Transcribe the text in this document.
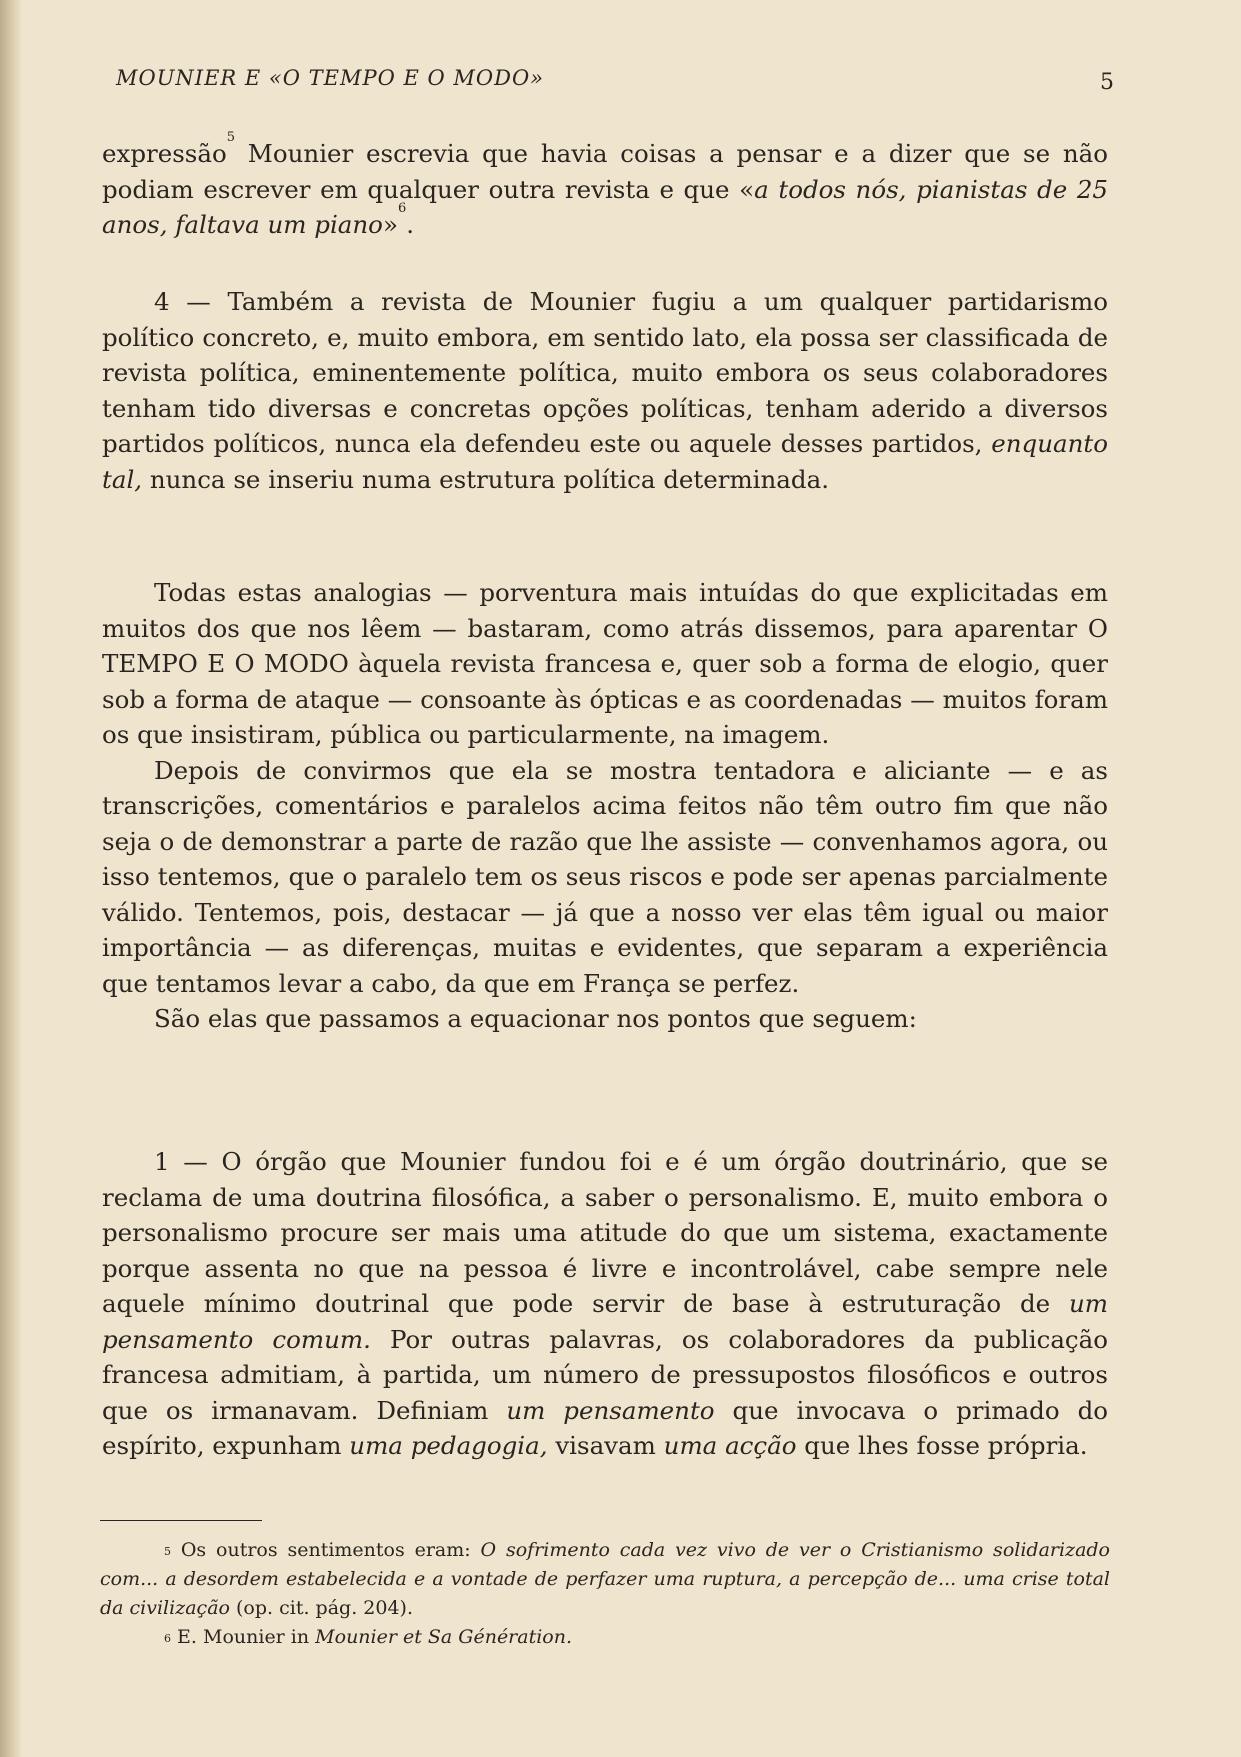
MOUNIER E «O TEMPO E O MODO»	5

expressão$^5$ Mounier escrevia que havia coisas a pensar e a dizer que se não podiam escrever em qualquer outra revista e que «a todos nós, pianistas de 25 anos, faltava um piano»$^6$.

4 — Também a revista de Mounier fugiu a um qualquer partidarismo político concreto, e, muito embora, em sentido lato, ela possa ser classificada de revista política, eminentemente política, muito embora os seus colaboradores tenham tido diversas e concretas opções políticas, tenham aderido a diversos partidos políticos, nunca ela defendeu este ou aquele desses partidos, enquanto tal, nunca se inseriu numa estrutura política determinada.

Todas estas analogias — porventura mais intuídas do que explicitadas em muitos dos que nos lêem — bastaram, como atrás dissemos, para aparentar O TEMPO E O MODO àquela revista francesa e, quer sob a forma de elogio, quer sob a forma de ataque — consoante às ópticas e as coordenadas — muitos foram os que insistiram, pública ou particularmente, na imagem.

Depois de convirmos que ela se mostra tentadora e aliciante — e as transcrições, comentários e paralelos acima feitos não têm outro fim que não seja o de demonstrar a parte de razão que lhe assiste — convenhamos agora, ou isso tentemos, que o paralelo tem os seus riscos e pode ser apenas parcialmente válido. Tentemos, pois, destacar — já que a nosso ver elas têm igual ou maior importância — as diferenças, muitas e evidentes, que separam a experiência que tentamos levar a cabo, da que em França se perfez.

São elas que passamos a equacionar nos pontos que seguem:

1 — O órgão que Mounier fundou foi e é um órgão doutrinário, que se reclama de uma doutrina filosófica, a saber o personalismo. E, muito embora o personalismo procure ser mais uma atitude do que um sistema, exactamente porque assenta no que na pessoa é livre e incontrolável, cabe sempre nele aquele mínimo doutrinal que pode servir de base à estruturação de um pensamento comum. Por outras palavras, os colaboradores da publicação francesa admitiam, à partida, um número de pressupostos filosóficos e outros que os irmanavam. Definiam um pensamento que invocava o primado do espírito, expunham uma pedagogia, visavam uma acção que lhes fosse própria.

$^5$ Os outros sentimentos eram: O sofrimento cada vez vivo de ver o Cristianismo solidarizado com... a desordem estabelecida e a vontade de perfazer uma ruptura, a percepção de... uma crise total da civilização (op. cit. pág. 204).

$^6$ E. Mounier in Mounier et Sa Génération.
